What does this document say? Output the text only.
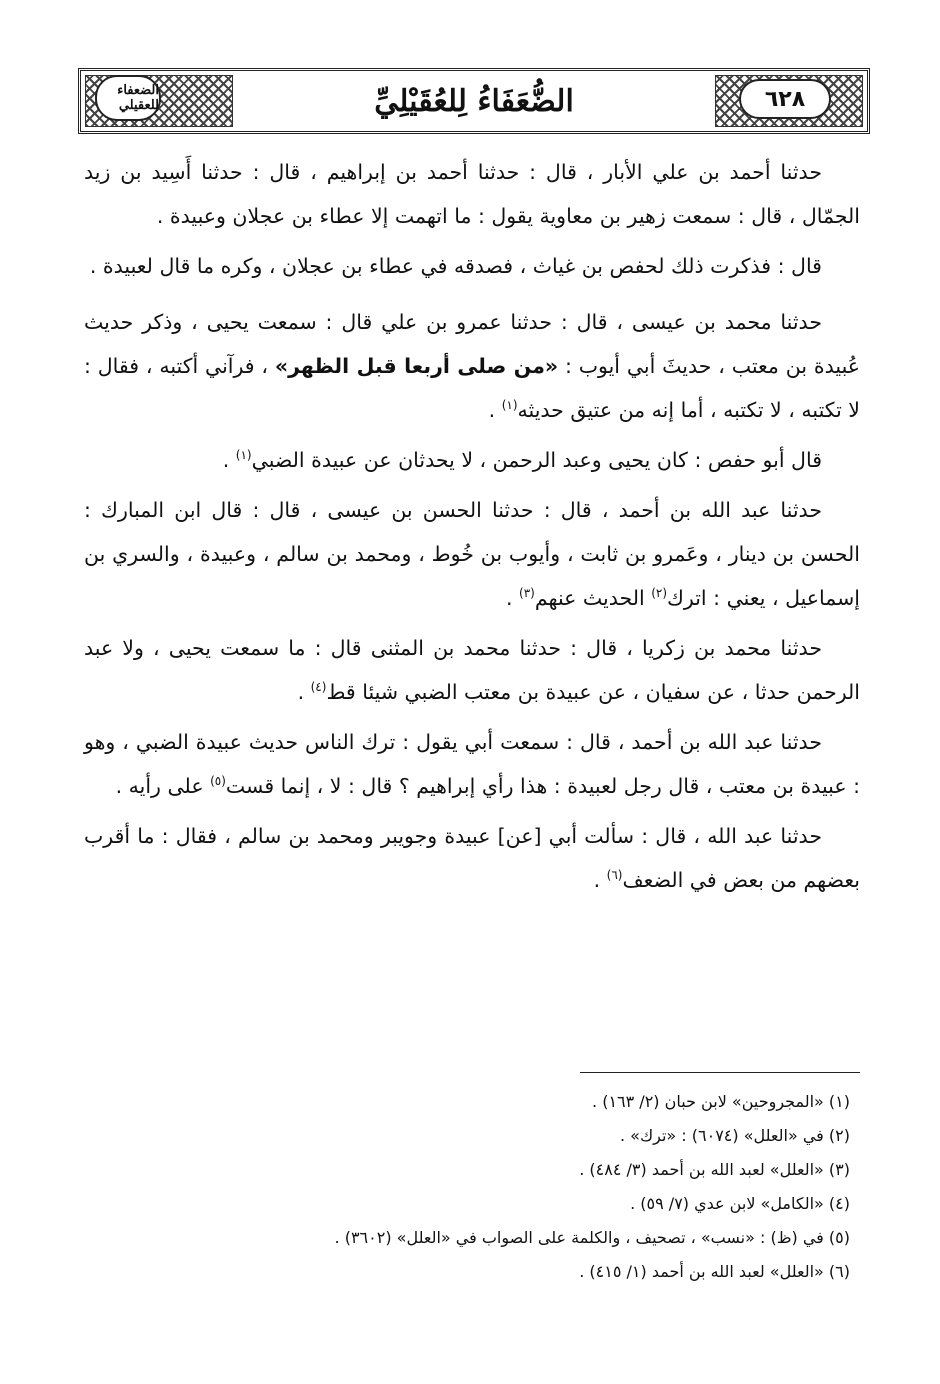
٦٢٨
الضعفاء للعقيلي	الضُّعَفَاءُ لِلعُقَيْلِيِّ

حدثنا أحمد بن علي الأبار ، قال : حدثنا أحمد بن إبراهيم ، قال : حدثنا أَسِيد بن زيد الجمّال ، قال : سمعت زهير بن معاوية يقول : ما اتهمت إلا عطاء بن عجلان وعبيدة .

قال : فذكرت ذلك لحفص بن غياث ، فصدقه في عطاء بن عجلان ، وكره ما قال لعبيدة .

حدثنا محمد بن عيسى ، قال : حدثنا عمرو بن علي قال : سمعت يحيى ، وذكر حديث عُبيدة بن معتب ، حديثَ أبي أيوب : «من صلى أربعا قبل الظهر» ، فرآني أكتبه ، فقال : لا تكتبه ، لا تكتبه ، أما إنه من عتيق حديثه$^{(١)}$ .

قال أبو حفص : كان يحيى وعبد الرحمن ، لا يحدثان عن عبيدة الضبي$^{(١)}$ .

حدثنا عبد الله بن أحمد ، قال : حدثنا الحسن بن عيسى ، قال : قال ابن المبارك : الحسن بن دينار ، وعَمرو بن ثابت ، وأيوب بن خُوط ، ومحمد بن سالم ، وعبيدة ، والسري بن إسماعيل ، يعني : اترك$^{(٢)}$ الحديث عنهم$^{(٣)}$ .

حدثنا محمد بن زكريا ، قال : حدثنا محمد بن المثنى قال : ما سمعت يحيى ، ولا عبد الرحمن حدثا ، عن سفيان ، عن عبيدة بن معتب الضبي شيئا قط$^{(٤)}$ .

حدثنا عبد الله بن أحمد ، قال : سمعت أبي يقول : ترك الناس حديث عبيدة الضبي ، وهو : عبيدة بن معتب ، قال رجل لعبيدة : هذا رأي إبراهيم ؟ قال : لا ، إنما قست$^{(٥)}$ على رأيه .

حدثنا عبد الله ، قال : سألت أبي [عن] عبيدة وجويبر ومحمد بن سالم ، فقال : ما أقرب بعضهم من بعض في الضعف$^{(٦)}$ .

(١) «المجروحين» لابن حبان (٢/ ١٦٣) .
(٢) في «العلل» (٦٠٧٤) : «ترك» .
(٣) «العلل» لعبد الله بن أحمد (٣/ ٤٨٤) .
(٤) «الكامل» لابن عدي (٧/ ٥٩) .
(٥) في (ظ) : «نسب» ، تصحيف ، والكلمة على الصواب في «العلل» (٣٦٠٢) .
(٦) «العلل» لعبد الله بن أحمد (١/ ٤١٥) .
